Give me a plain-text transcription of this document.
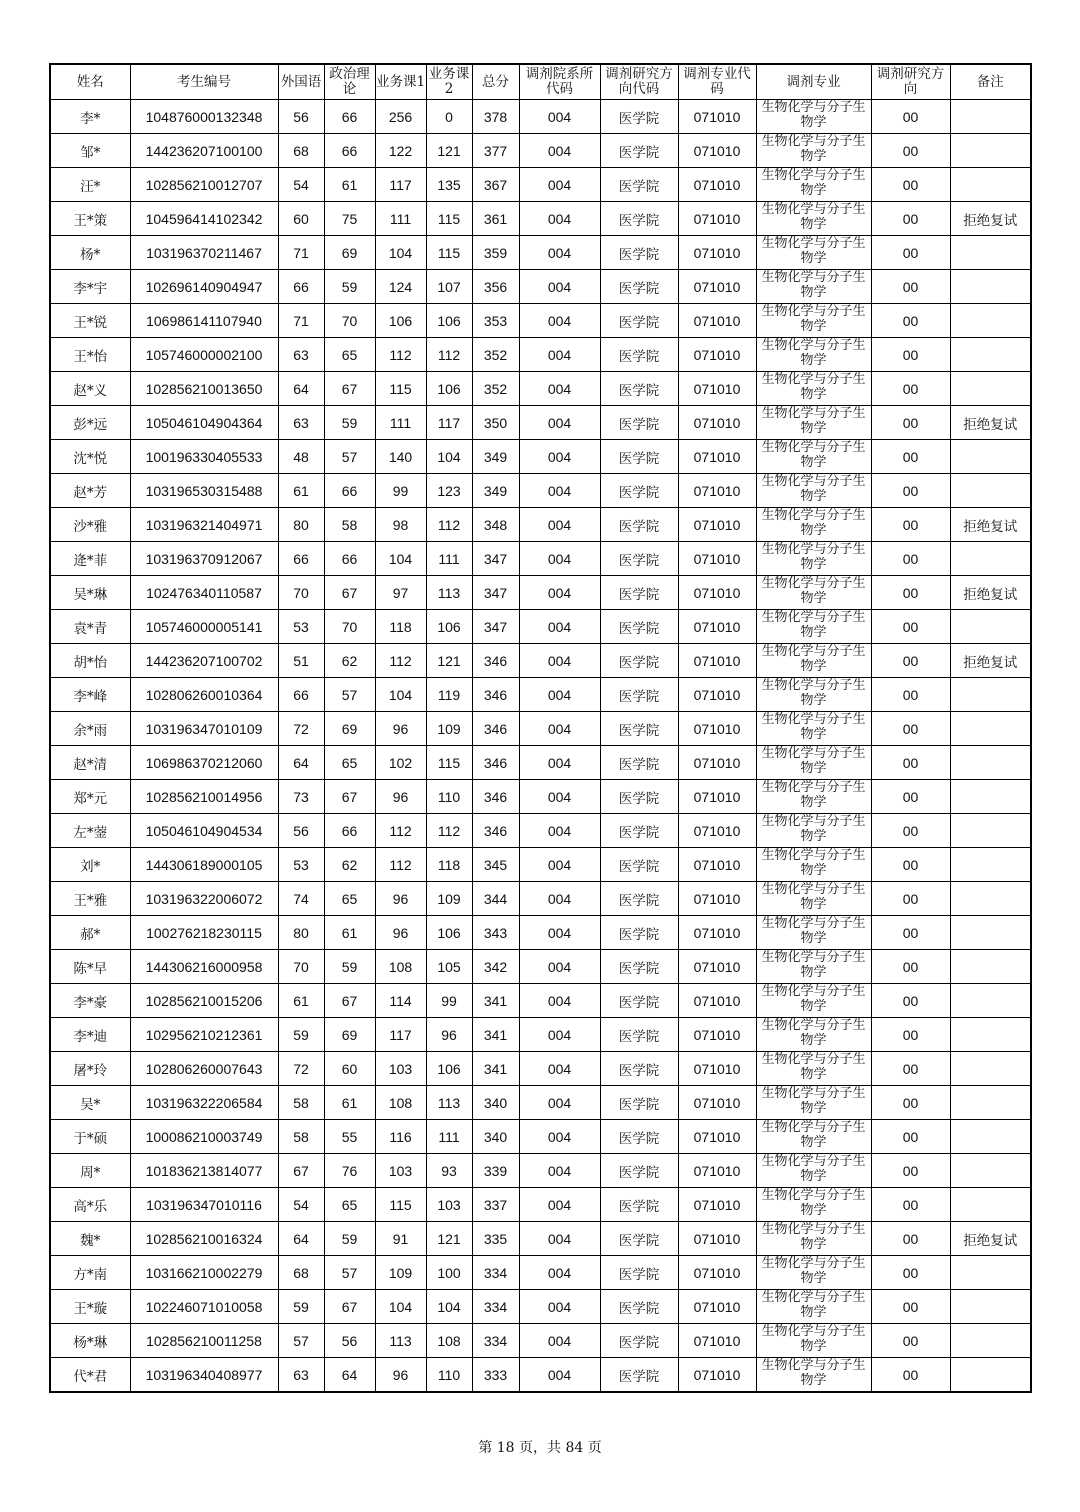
姓名	考生编号	外国语	政治理论	业务课1	业务课2	总分	调剂院系所代码	调剂研究方向代码	调剂专业代码	调剂专业	调剂研究方向	备注
李*	104876000132348	56	66	256	0	378	004	医学院	071010	生物化学与分子生物学	00	
邹*	144236207100100	68	66	122	121	377	004	医学院	071010	生物化学与分子生物学	00	
汪*	102856210012707	54	61	117	135	367	004	医学院	071010	生物化学与分子生物学	00	
王*策	104596414102342	60	75	111	115	361	004	医学院	071010	生物化学与分子生物学	00	拒绝复试
杨*	103196370211467	71	69	104	115	359	004	医学院	071010	生物化学与分子生物学	00	
李*宇	102696140904947	66	59	124	107	356	004	医学院	071010	生物化学与分子生物学	00	
王*锐	106986141107940	71	70	106	106	353	004	医学院	071010	生物化学与分子生物学	00	
王*怡	105746000002100	63	65	112	112	352	004	医学院	071010	生物化学与分子生物学	00	
赵*义	102856210013650	64	67	115	106	352	004	医学院	071010	生物化学与分子生物学	00	
彭*远	105046104904364	63	59	111	117	350	004	医学院	071010	生物化学与分子生物学	00	拒绝复试
沈*悦	100196330405533	48	57	140	104	349	004	医学院	071010	生物化学与分子生物学	00	
赵*芳	103196530315488	61	66	99	123	349	004	医学院	071010	生物化学与分子生物学	00	
沙*雅	103196321404971	80	58	98	112	348	004	医学院	071010	生物化学与分子生物学	00	拒绝复试
逄*菲	103196370912067	66	66	104	111	347	004	医学院	071010	生物化学与分子生物学	00	
吴*琳	102476340110587	70	67	97	113	347	004	医学院	071010	生物化学与分子生物学	00	拒绝复试
袁*青	105746000005141	53	70	118	106	347	004	医学院	071010	生物化学与分子生物学	00	
胡*怡	144236207100702	51	62	112	121	346	004	医学院	071010	生物化学与分子生物学	00	拒绝复试
李*峰	102806260010364	66	57	104	119	346	004	医学院	071010	生物化学与分子生物学	00	
余*雨	103196347010109	72	69	96	109	346	004	医学院	071010	生物化学与分子生物学	00	
赵*清	106986370212060	64	65	102	115	346	004	医学院	071010	生物化学与分子生物学	00	
郑*元	102856210014956	73	67	96	110	346	004	医学院	071010	生物化学与分子生物学	00	
左*蓥	105046104904534	56	66	112	112	346	004	医学院	071010	生物化学与分子生物学	00	
刘*	144306189000105	53	62	112	118	345	004	医学院	071010	生物化学与分子生物学	00	
王*雅	103196322006072	74	65	96	109	344	004	医学院	071010	生物化学与分子生物学	00	
郝*	100276218230115	80	61	96	106	343	004	医学院	071010	生物化学与分子生物学	00	
陈*早	144306216000958	70	59	108	105	342	004	医学院	071010	生物化学与分子生物学	00	
李*豪	102856210015206	61	67	114	99	341	004	医学院	071010	生物化学与分子生物学	00	
李*迪	102956210212361	59	69	117	96	341	004	医学院	071010	生物化学与分子生物学	00	
屠*玲	102806260007643	72	60	103	106	341	004	医学院	071010	生物化学与分子生物学	00	
吴*	103196322206584	58	61	108	113	340	004	医学院	071010	生物化学与分子生物学	00	
于*硕	100086210003749	58	55	116	111	340	004	医学院	071010	生物化学与分子生物学	00	
周*	101836213814077	67	76	103	93	339	004	医学院	071010	生物化学与分子生物学	00	
高*乐	103196347010116	54	65	115	103	337	004	医学院	071010	生物化学与分子生物学	00	
魏*	102856210016324	64	59	91	121	335	004	医学院	071010	生物化学与分子生物学	00	拒绝复试
方*南	103166210002279	68	57	109	100	334	004	医学院	071010	生物化学与分子生物学	00	
王*璇	102246071010058	59	67	104	104	334	004	医学院	071010	生物化学与分子生物学	00	
杨*琳	102856210011258	57	56	113	108	334	004	医学院	071010	生物化学与分子生物学	00	
代*君	103196340408977	63	64	96	110	333	004	医学院	071010	生物化学与分子生物学	00	
第 18 页，共 84 页
